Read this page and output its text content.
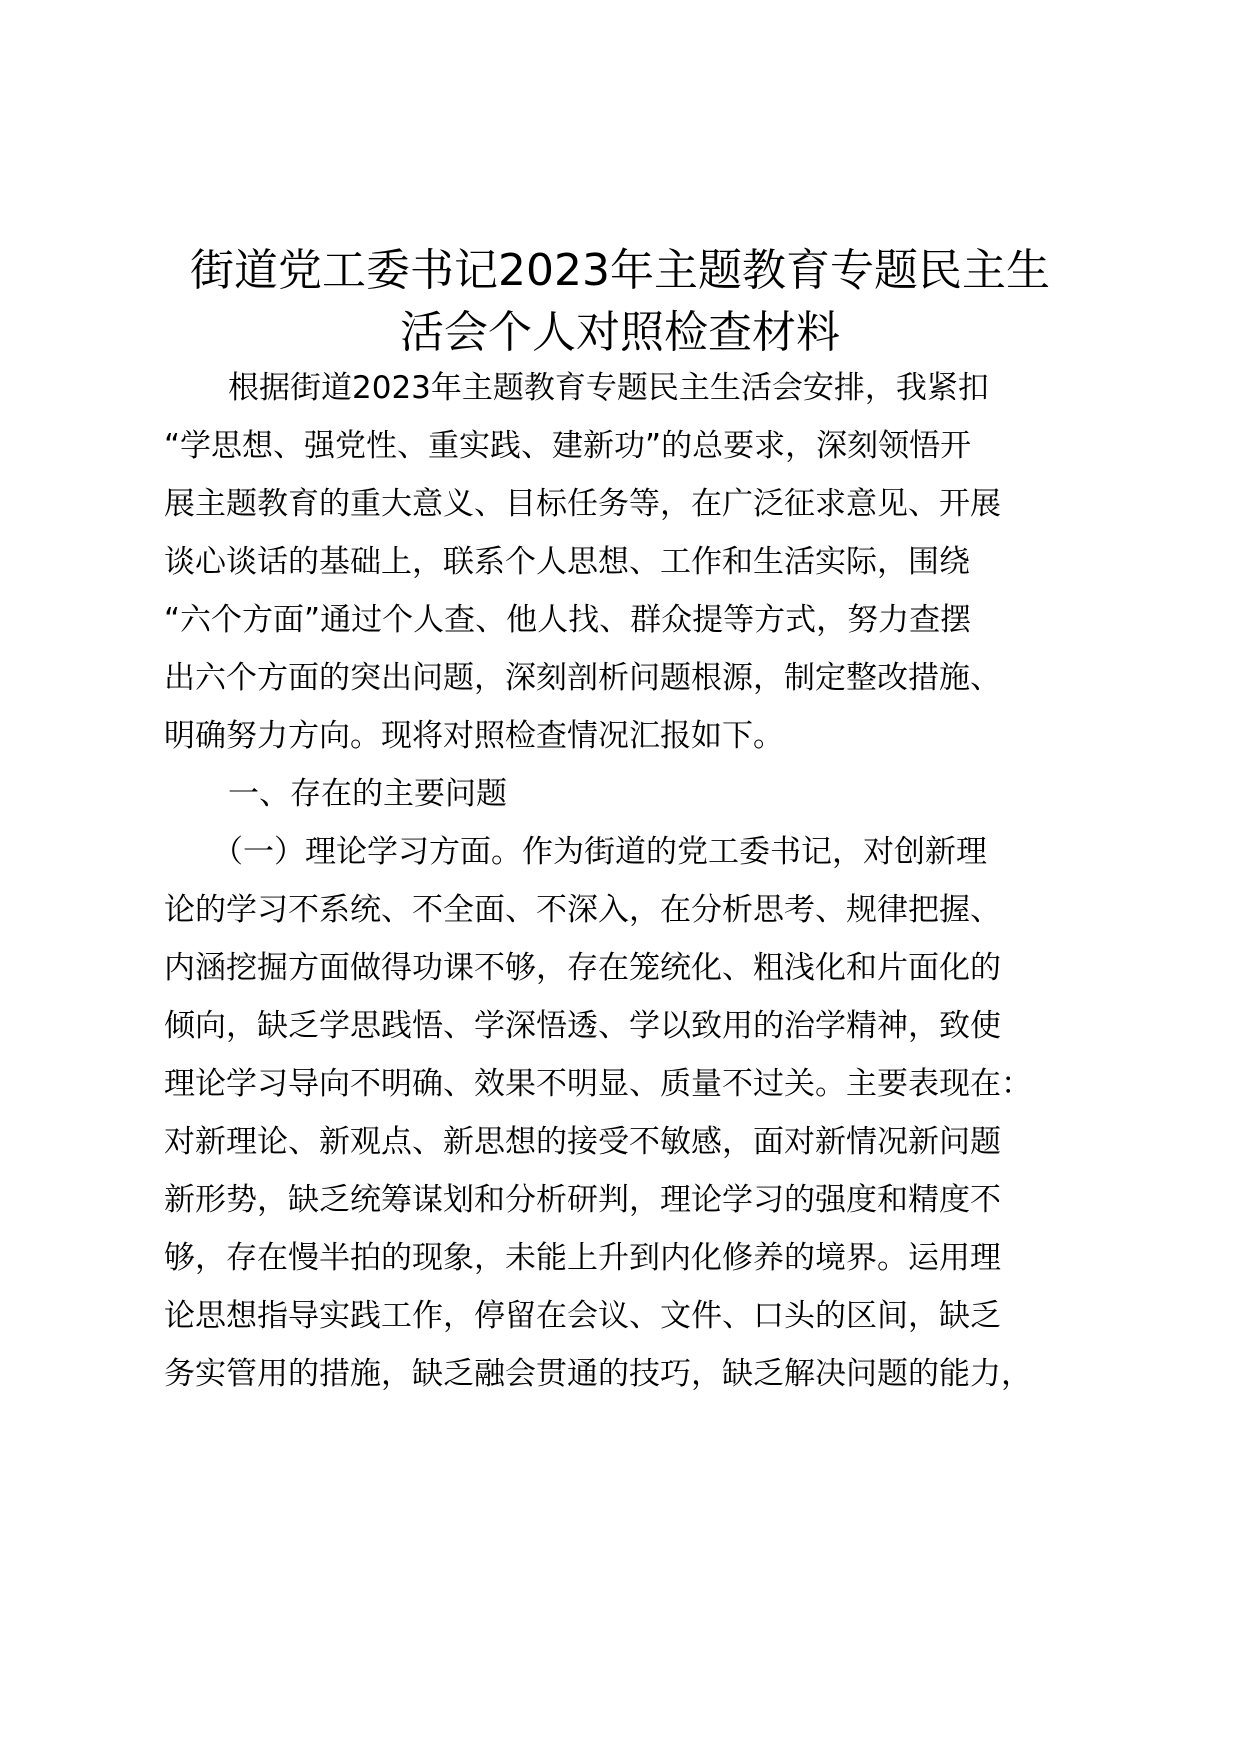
街道党工委书记2023年主题教育专题民主生
活会个人对照检查材料
根据街道2023年主题教育专题民主生活会安排，我紧扣
“学思想、强党性、重实践、建新功”的总要求，深刻领悟开
展主题教育的重大意义、目标任务等，在广泛征求意见、开展
谈心谈话的基础上，联系个人思想、工作和生活实际，围绕
“六个方面”通过个人查、他人找、群众提等方式，努力查摆
出六个方面的突出问题，深刻剖析问题根源，制定整改措施、
明确努力方向。现将对照检查情况汇报如下。
一、存在的主要问题
（一）理论学习方面。作为街道的党工委书记，对创新理
论的学习不系统、不全面、不深入，在分析思考、规律把握、
内涵挖掘方面做得功课不够，存在笼统化、粗浅化和片面化的
倾向，缺乏学思践悟、学深悟透、学以致用的治学精神，致使
理论学习导向不明确、效果不明显、质量不过关。主要表现在：
对新理论、新观点、新思想的接受不敏感，面对新情况新问题
新形势，缺乏统筹谋划和分析研判，理论学习的强度和精度不
够，存在慢半拍的现象，未能上升到内化修养的境界。运用理
论思想指导实践工作，停留在会议、文件、口头的区间，缺乏
务实管用的措施，缺乏融会贯通的技巧，缺乏解决问题的能力，
